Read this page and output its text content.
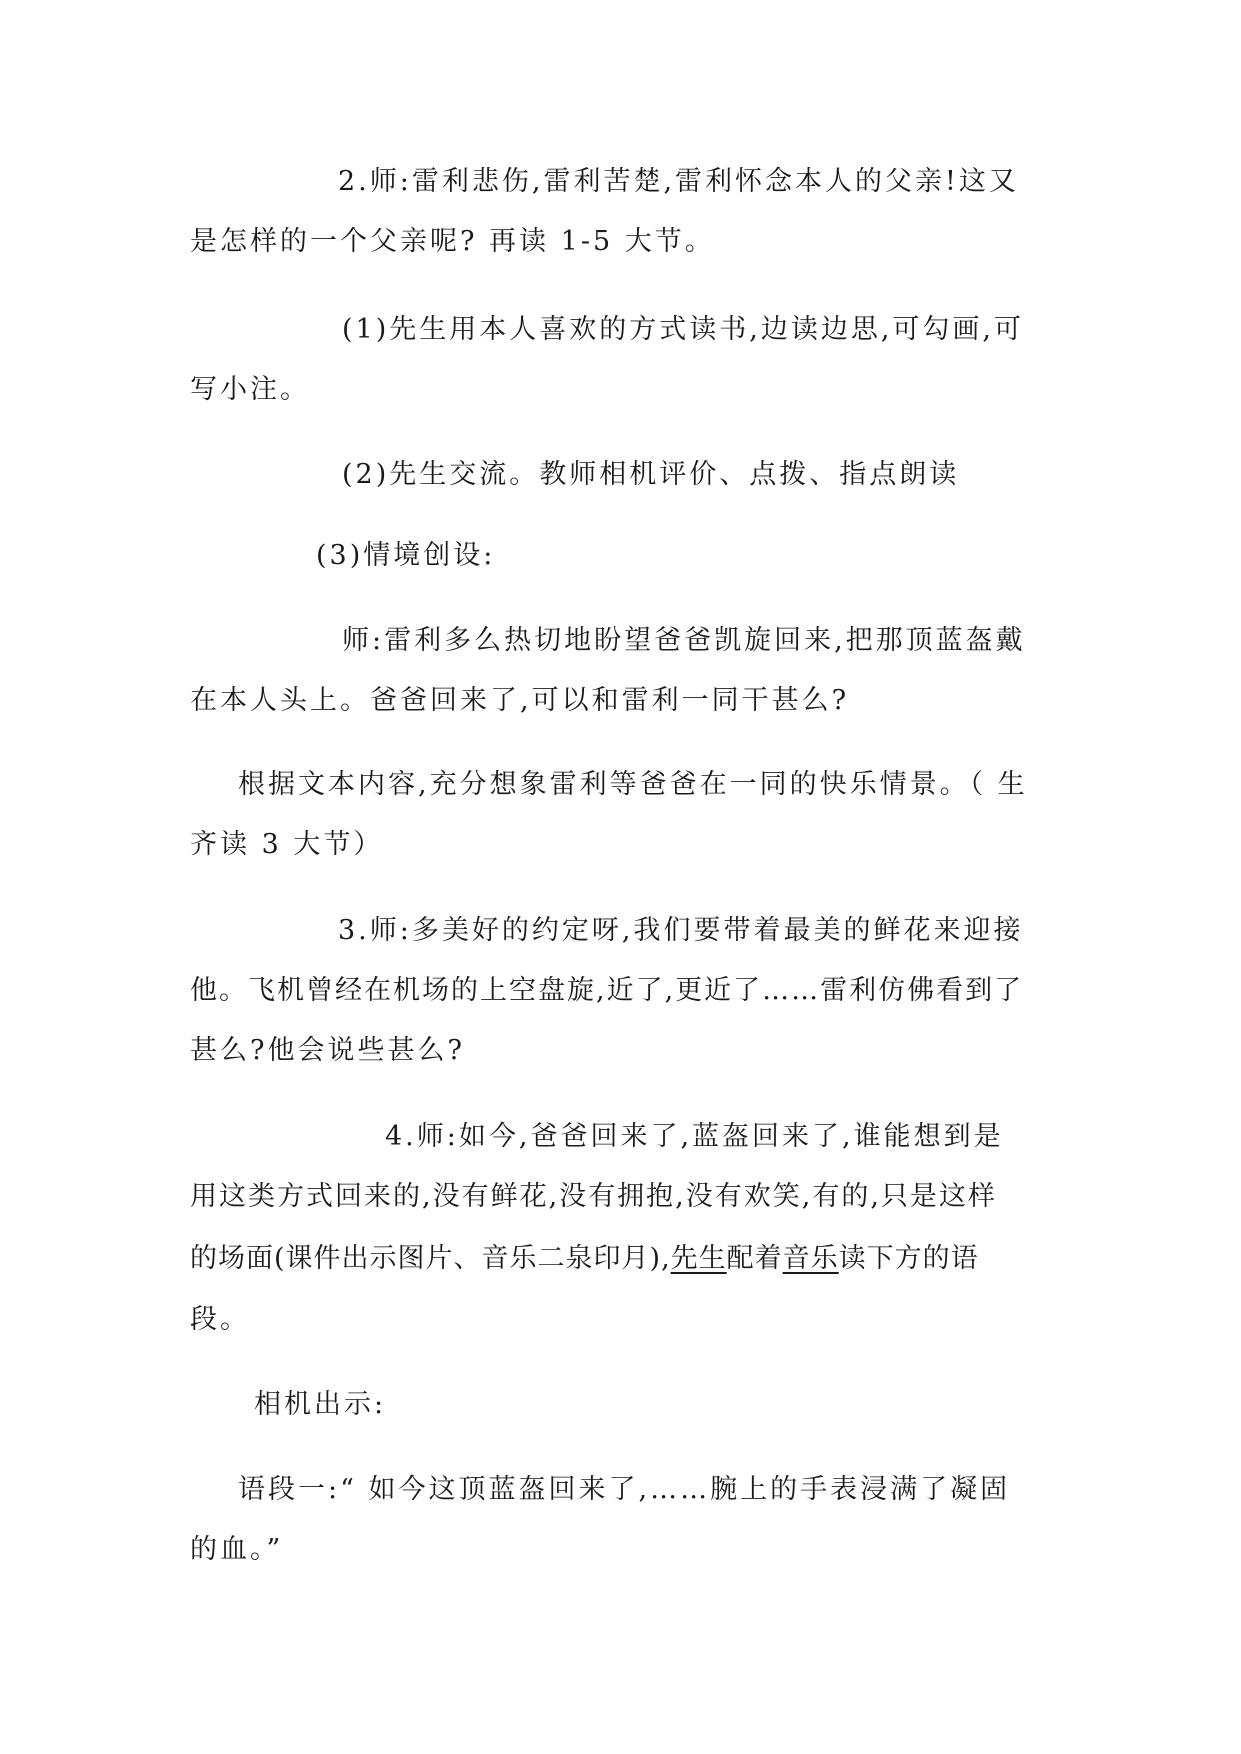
2.师:雷利悲伤,雷利苦楚,雷利怀念本人的父亲!这又
是怎样的一个父亲呢? 再读 1-5 大节。
(1)先生用本人喜欢的方式读书,边读边思,可勾画,可
写小注。
(2)先生交流。教师相机评价、点拨、指点朗读
(3)情境创设:
师:雷利多么热切地盼望爸爸凯旋回来,把那顶蓝盔戴
在本人头上。爸爸回来了,可以和雷利一同干甚么?
根据文本内容,充分想象雷利等爸爸在一同的快乐情景。（ 生
齐读 3 大节）
3.师:多美好的约定呀,我们要带着最美的鲜花来迎接
他。飞机曾经在机场的上空盘旋,近了,更近了……雷利仿佛看到了
甚么?他会说些甚么?
4.师:如今,爸爸回来了,蓝盔回来了,谁能想到是
用这类方式回来的,没有鲜花,没有拥抱,没有欢笑,有的,只是这样
的场面(课件出示图片、音乐二泉印月),先生配着音乐读下方的语
段。
相机出示:
语段一:“ 如今这顶蓝盔回来了,……腕上的手表浸满了凝固
的血。”
